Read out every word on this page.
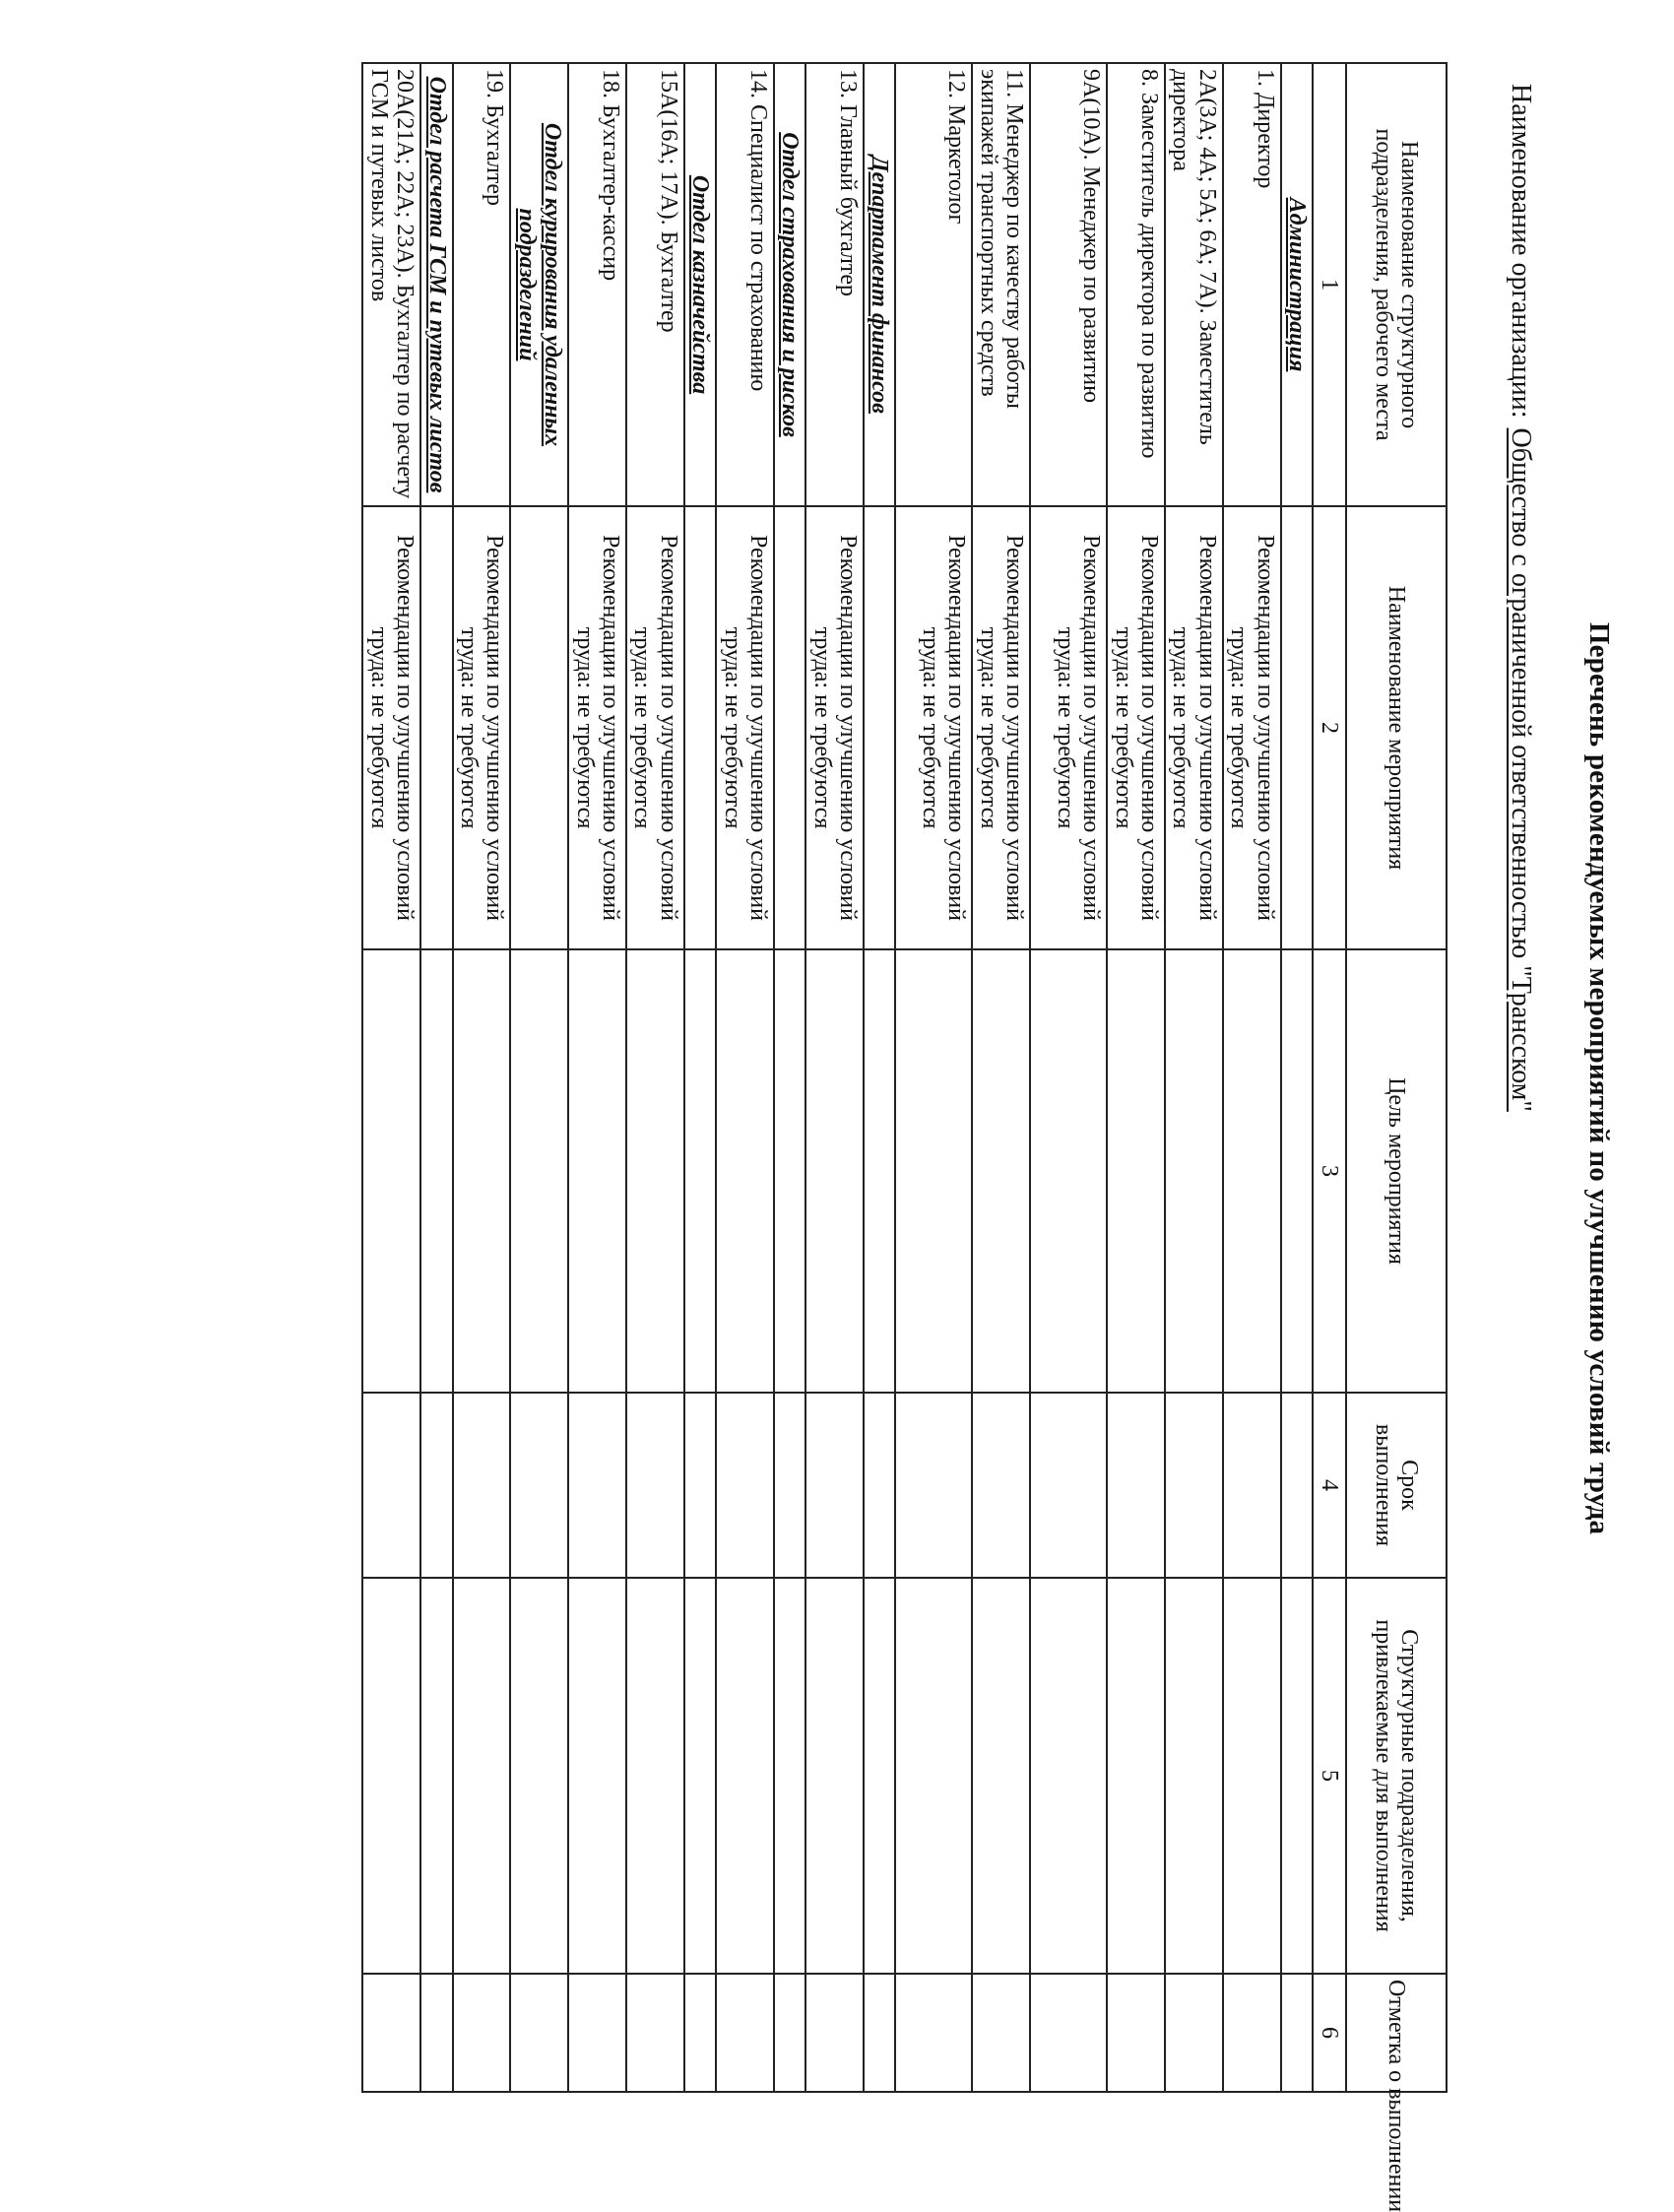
Перечень рекомендуемых мероприятий по улучшению условий труда
Наименование организации:Общество с ограниченной ответственностью "Трансском"
Наименование структурного подразделения, рабочего места	Наименование мероприятия	Цель мероприятия	Срок выполнения	Структурные подразделения, привлекаемые для выполнения	Отметка о выполнении
1	2	3	4	5	6
Администрация					
1. Директор	Рекомендации по улучшению условий труда: не требуются				
2А(3А; 4А; 5А; 6А; 7А). Заместитель директора	Рекомендации по улучшению условий труда: не требуются				
8. Заместитель директора по развитию	Рекомендации по улучшению условий труда: не требуются				
9А(10А). Менеджер по развитию	Рекомендации по улучшению условий труда: не требуются				
11. Менеджер по качеству работы экипажей транспортных средств	Рекомендации по улучшению условий труда: не требуются				
12. Маркетолог	Рекомендации по улучшению условий труда: не требуются				
Департамент финансов					
13. Главный бухгалтер	Рекомендации по улучшению условий труда: не требуются				
Отдел страхования и рисков					
14. Специалист по страхованию	Рекомендации по улучшению условий труда: не требуются				
Отдел казначейства					
15А(16А; 17А). Бухгалтер	Рекомендации по улучшению условий труда: не требуются				
18. Бухгалтер-кассир	Рекомендации по улучшению условий труда: не требуются				
Отдел курирования удаленных подразделений					
19. Бухгалтер	Рекомендации по улучшению условий труда: не требуются				
Отдел расчета ГСМ и путевых листов					
20А(21А; 22А; 23А). Бухгалтер по расчету ГСМ и путевых листов	Рекомендации по улучшению условий труда: не требуются				
